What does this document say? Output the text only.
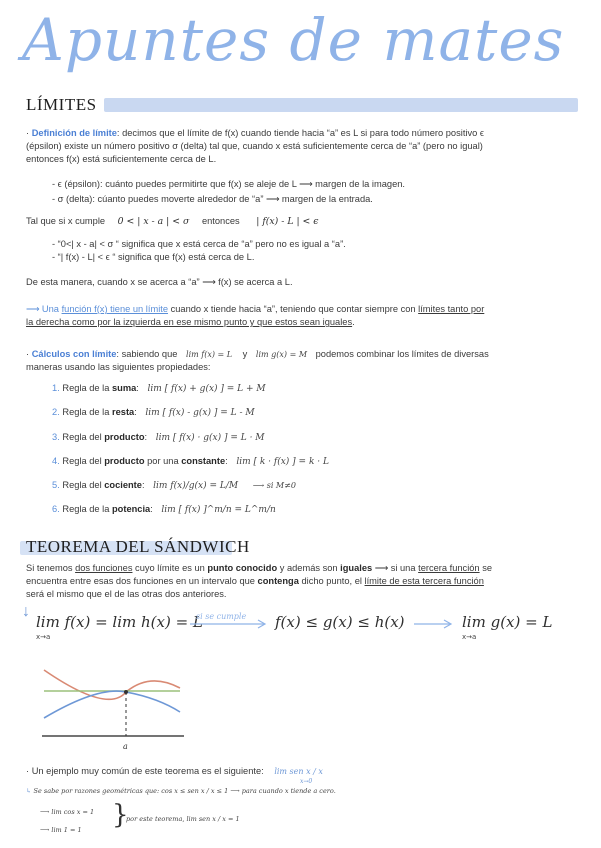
Apuntes de mates
LÍMITES
· Definición de límite: decimos que el límite de f(x) cuando tiende hacia “a” es L si para todo número positivo ϵ
(épsilon) existe un número positivo σ (delta) tal que, cuando x está suficientemente cerca de “a” (pero no igual)
entonces f(x) está suficientemente cerca de L.
- ϵ (épsilon): cuánto puedes permitirte que f(x) se aleje de L ⟶ margen de la imagen.
- σ (delta): cúanto puedes moverte alrededor de “a” ⟶ margen de la entrada.
Tal que si x cumple 0 < | x - a | < σ entonces | f(x) - L | < ϵ
- “0<| x - a| < σ “ significa que x está cerca de “a” pero no es igual a “a”.
- “| f(x) - L| < ϵ “ significa que f(x) está cerca de L.
De esta manera, cuando x se acerca a “a” ⟶ f(x) se acerca a L.
⟶ Una función f(x) tiene un límite cuando x tiende hacia “a”, teniendo que contar siempre con límites tanto por
la derecha como por la izquierda en ese mismo punto y que estos sean iguales.
· Cálculos con límite: sabiendo que lim f(x) = L y lim g(x) = M podemos combinar los límites de diversas
maneras usando las siguientes propiedades:
1. Regla de la suma: lim [ f(x) + g(x) ] = L + M
2. Regla de la resta: lim [ f(x) - g(x) ] = L - M
3. Regla del producto: lim [ f(x) · g(x) ] = L · M
4. Regla del producto por una constante: lim [ k · f(x) ] = k · L
5. Regla del cociente: lim f(x)/g(x) = L/M ⟶ si M≠0
6. Regla de la potencia: lim [ f(x) ]^m/n = L^m/n
TEOREMA DEL SÁNDWICH
Si tenemos dos funciones cuyo límite es un punto conocido y además son iguales ⟶ si una tercera función se
encuentra entre esas dos funciones en un intervalo que contenga dicho punto, el límite de esta tercera función
será el mismo que el de las otras dos anteriores.
↓
lim f(x) = lim h(x) = L
x→a
si se cumple f(x) ≤ g(x) ≤ h(x)	lim g(x) = L
x→a
a
· Un ejemplo muy común de este teorema es el siguiente: lim sen x / x
x→0
↳ Se sabe por razones geométricas que: cos x ≤ sen x / x ≤ 1 ⟶ para cuando x tiende a cero.
⟶ lim cos x = 1
⟶ lim 1 = 1 }
por este teorema, lim sen x / x = 1
